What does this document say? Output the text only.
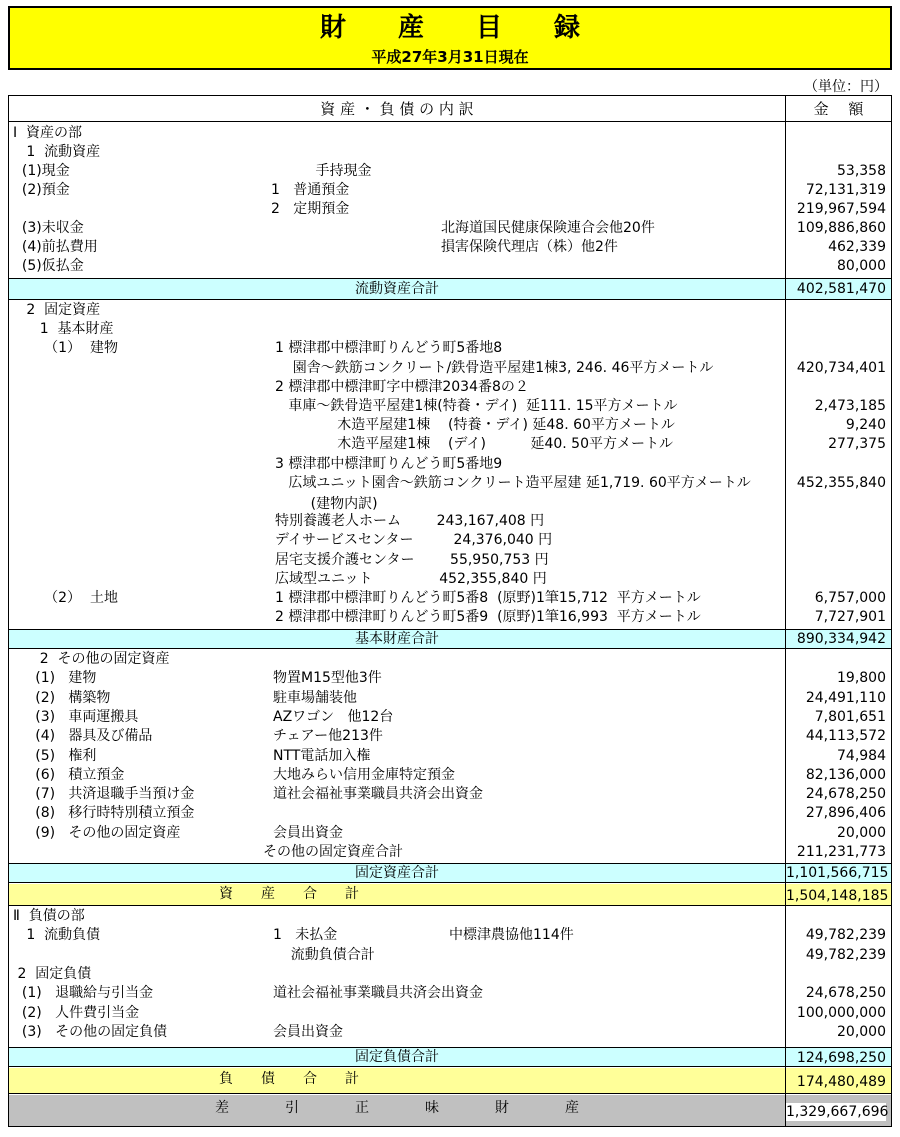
財　　産　　目　　録
平成27年3月31日現在
（単位：円）
資 産 ・ 負 債 の 内 訳	金　 額
Ⅰ  資産の部
1  流動資産
(1)現金	手持現金	53,358
(2)預金	1   普通預金	72,131,319
2   定期預金	219,967,594
(3)未収金	北海道国民健康保険連合会他20件	109,886,860
(4)前払費用	損害保険代理店（株）他2件	462,339
(5)仮払金	80,000
流動資産合計	402,581,470
2  固定資産
1  基本財産
（1）  建物	1 標津郡中標津町りんどう町5番地8
園舎～鉄筋コンクリート/鉄骨造平屋建1棟3, 246. 46平方メートル	420,734,401
2 標津郡中標津町字中標津2034番8の２
車庫～鉄骨造平屋建1棟(特養・デイ)  延111. 15平方メートル	2,473,185
木造平屋建1棟    (特養・デイ) 延48. 60平方メートル	9,240
木造平屋建1棟    (デイ)          延40. 50平方メートル	277,375
3 標津郡中標津町りんどう町5番地9
広域ユニット園舎～鉄筋コンクリート造平屋建 延1,719. 60平方メートル	452,355,840
(建物内訳)
特別養護老人ホーム        243,167,408 円
デイサービスセンター         24,376,040 円
居宅支援介護センター        55,950,753 円
広域型ユニット               452,355,840 円
（2）  土地	1 標津郡中標津町りんどう町5番8  (原野)1筆15,712  平方メートル	6,757,000
2 標津郡中標津町りんどう町5番9  (原野)1筆16,993  平方メートル	7,727,901
基本財産合計	890,334,942
2  その他の固定資産
(1)   建物	物置M15型他3件	19,800
(2)   構築物	駐車場舗装他	24,491,110
(3)   車両運搬具	AZワゴン   他12台	7,801,651
(4)   器具及び備品	チェアー他213件	44,113,572
(5)   権利	NTT電話加入権	74,984
(6)   積立預金	大地みらい信用金庫特定預金	82,136,000
(7)   共済退職手当預け金	道社会福祉事業職員共済会出資金	24,678,250
(8)   移行時特別積立預金	27,896,406
(9)   その他の固定資産	会員出資金	20,000
その他の固定資産合計	211,231,773
固定資産合計	1,101,566,715
資　　産　　合　　計	1,504,148,185
Ⅱ  負債の部
1  流動負債	1   未払金	中標津農協他114件	49,782,239
流動負債合計	49,782,239
2  固定負債
(1)   退職給与引当金	道社会福祉事業職員共済会出資金	24,678,250
(2)   人件費引当金	100,000,000
(3)   その他の固定負債	会員出資金	20,000
固定負債合計	124,698,250
負　　債　　合　　計	174,480,489
差　　　　引　　　　正　　　　味　　　　財　　　　産	1,329,667,696
